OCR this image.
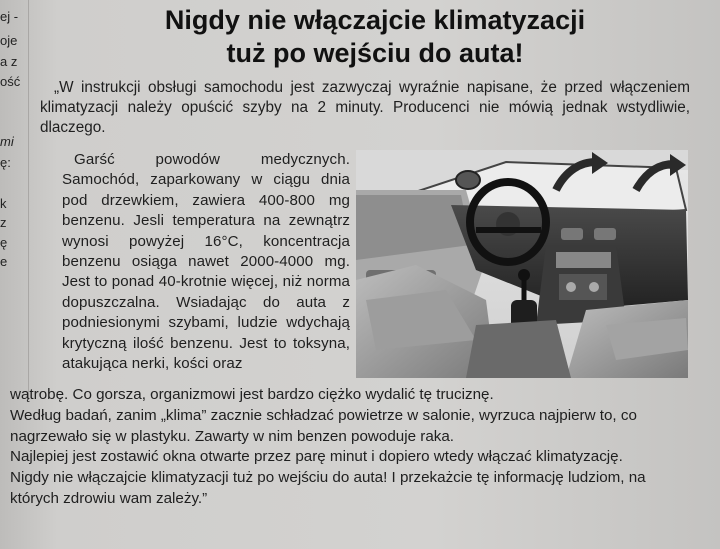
ej -
oje
a z
ość
mi
ę:
k
z
ę
e
Nigdy nie włączajcie klimatyzacji
tuż po wejściu do auta!
„W instrukcji obsługi samochodu jest zazwyczaj wyraźnie napisane, że przed włączeniem klimatyzacji należy opuścić szyby na 2 minuty. Producenci nie mówią jednak wstydliwie, dlaczego.
Garść powodów medycznych. Samochód, zaparkowany w ciągu dnia pod drzewkiem, zawiera 400-800 mg benzenu. Jesli temperatura na zewnątrz wynosi powyżej 16°C, koncentracja benzenu osiąga nawet 2000-4000 mg. Jest to ponad 40-krotnie więcej, niż norma dopuszczalna. Wsiadając do auta z podniesionymi szybami, ludzie wdychają krytyczną ilość benzenu. Jest to toksyna, atakująca nerki, kości oraz

wątrobę. Co gorsza, organizmowi jest bardzo ciężko wydalić tę truciznę.

Według badań, zanim „klima” zacznie schładzać powietrze w salonie, wyrzuca najpierw to, co nagrzewało się w plastyku. Zawarty w nim benzen powoduje raka.

Najlepiej jest zostawić okna otwarte przez parę minut i dopiero wtedy włączać klimatyzację.

Nigdy nie włączajcie klimatyzacji tuż po wejściu do auta! I przekażcie tę informację ludziom, na których zdrowiu wam zależy.”
